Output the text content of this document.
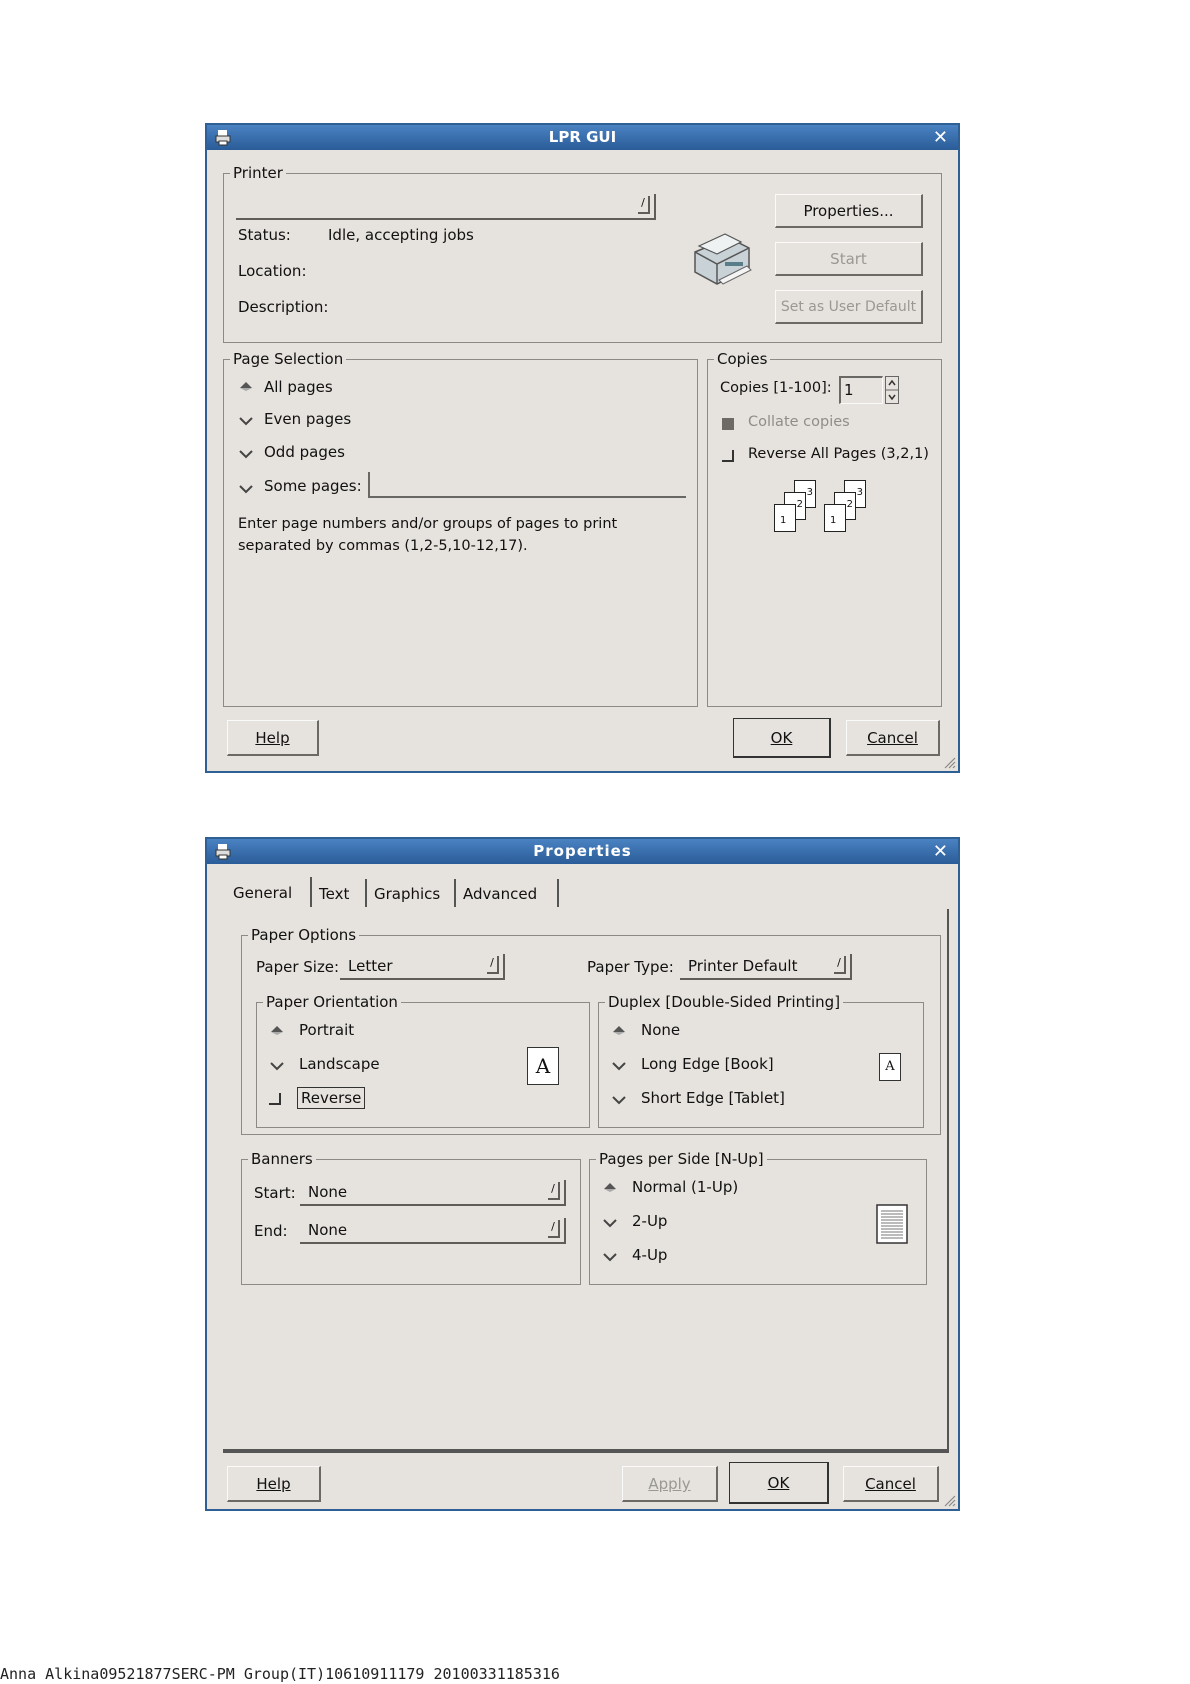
LPR GUI	✕
Printer
/
Status: Idle, accepting jobs
Location:
Description:
Properties...
Start
Set as User Default
Page Selection
All pages
Even pages
Odd pages
Some pages:
Enter page numbers and/or groups of pages to print separated by commas (1,2-5,10-12,17).
Copies
Copies [1-100]: 1
Collate copies
Reverse All Pages (3,2,1)
3
2
1
3
2
1
Help	OK	Cancel
Properties	✕
General Text Graphics Advanced
Paper Options
Paper Size: Letter	/	Paper Type: Printer Default	/
Paper Orientation
Portrait
Landscape
Reverse
A
Duplex [Double-Sided Printing]
None
Long Edge [Book]
Short Edge [Tablet]
A
Banners
Start: None	/
End:	None	/
Pages per Side [N-Up]
Normal (1-Up)
2-Up
4-Up
Help	Apply	OK	Cancel
Anna Alkina09521877SERC-PM Group(IT)10610911179 20100331185316
